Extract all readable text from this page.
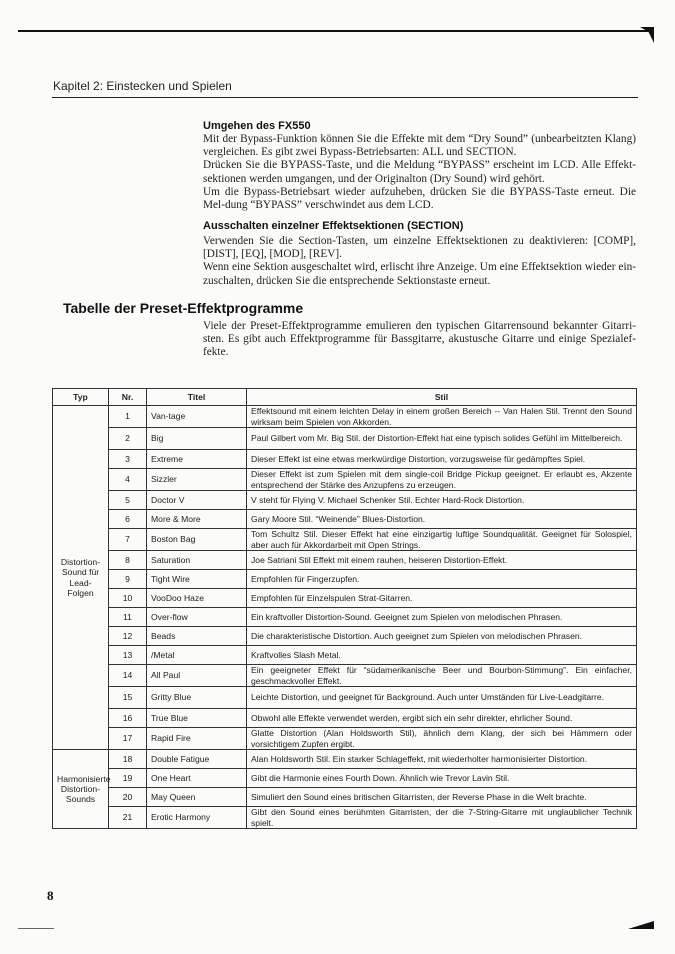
Kapitel 2: Einstecken und Spielen
Umgehen des FX550

Mit der Bypass-Funktion können Sie die Effekte mit dem “Dry Sound” (unbearbeitzten Klang) vergleichen. Es gibt zwei Bypass-Betriebsarten: ALL und SECTION.

Drücken Sie die BYPASS-Taste, und die Meldung “BYPASS” erscheint im LCD. Alle Effekt-sektionen werden umgangen, und der Originalton (Dry Sound) wird gehört.

Um die Bypass-Betriebsart wieder aufzuheben, drücken Sie die BYPASS-Taste erneut. Die Mel-dung “BYPASS” verschwindet aus dem LCD.

Ausschalten einzelner Effektsektionen (SECTION)

Verwenden Sie die Section-Tasten, um einzelne Effektsektionen zu deaktivieren: [COMP], [DIST], [EQ], [MOD], [REV].

Wenn eine Sektion ausgeschaltet wird, erlischt ihre Anzeige. Um eine Effektsektion wieder ein-zuschalten, drücken Sie die entsprechende Sektionstaste erneut.

Tabelle der Preset-Effektprogramme

Viele der Preset-Effektprogramme emulieren den typischen Gitarrensound bekannter Gitarri-sten. Es gibt auch Effektprogramme für Bassgitarre, akustusche Gitarre und einige Spezialef-fekte.

Typ	Nr.	Titel	Stil
Distortion-Sound für Lead-Folgen	1	Van-tage	Effektsound mit einem leichten Delay in einem großen Bereich -- Van Halen Stil. Trennt den Sound wirksam beim Spielen von Akkorden.
	2	Big	Paul Gilbert vom Mr. Big Stil. der Distortion-Effekt hat eine typisch solides Gefühl im Mittelbereich.
	3	Extreme	Dieser Effekt ist eine etwas merkwürdige Distortion, vorzugsweise für gedämpftes Spiel.
	4	Sizzler	Dieser Effekt ist zum Spielen mit dem single-coil Bridge Pickup geeignet. Er erlaubt es, Akzente entsprechend der Stärke des Anzupfens zu erzeugen.
	5	Doctor V	V steht für Flying V. Michael Schenker Stil. Echter Hard-Rock Distortion.
	6	More & More	Gary Moore Stil. “Weinende” Blues-Distortion.
	7	Boston Bag	Tom Schultz Stil. Dieser Effekt hat eine einzigartig luftige Soundqualität. Geeignet für Solospiel, aber auch für Akkordarbeit mit Open Strings.
	8	Saturation	Joe Satriani Stil Effekt mit einem rauhen, heiseren Distortion-Effekt.
	9	Tight Wire	Empfohlen für Fingerzupfen.
	10	VooDoo Haze	Empfohlen für Einzelspulen Strat-Gitarren.
	11	Over-flow	Ein kraftvoller Distortion-Sound. Geeignet zum Spielen von melodischen Phrasen.
	12	Beads	Die charakteristische Distortion. Auch geeignet zum Spielen von melodischen Phrasen.
	13	/Metal	Kraftvolles Slash Metal.
	14	All Paul	Ein geeigneter Effekt für “südamerikanische Beer und Bourbon-Stimmung”. Ein einfacher, geschmackvoller Effekt.
	15	Gritty Blue	Leichte Distortion, und geeignet für Background. Auch unter Umständen für Live-Leadgitarre.
	16	True Blue	Obwohl alle Effekte verwendet werden, ergibt sich ein sehr direkter, ehrlicher Sound.
	17	Rapid Fire	Glatte Distortion (Alan Holdsworth Stil), ähnlich dem Klang, der sich bei Hämmern oder vorsichtigem Zupfen ergibt.
Harmonisierte Distortion-Sounds	18	Double Fatigue	Alan Holdsworth Stil. Ein starker Schlageffekt, mit wiederholter harmonisierter Distortion.
	19	One Heart	Gibt die Harmonie eines Fourth Down. Ähnlich wie Trevor Lavin Stil.
	20	May Queen	Simuliert den Sound eines britischen Gitarristen, der Reverse Phase in die Welt brachte.
	21	Erotic Harmony	Gibt den Sound eines berühmten Gitarristen, der die 7-String-Gitarre mit unglaublicher Technik spielt.
8
